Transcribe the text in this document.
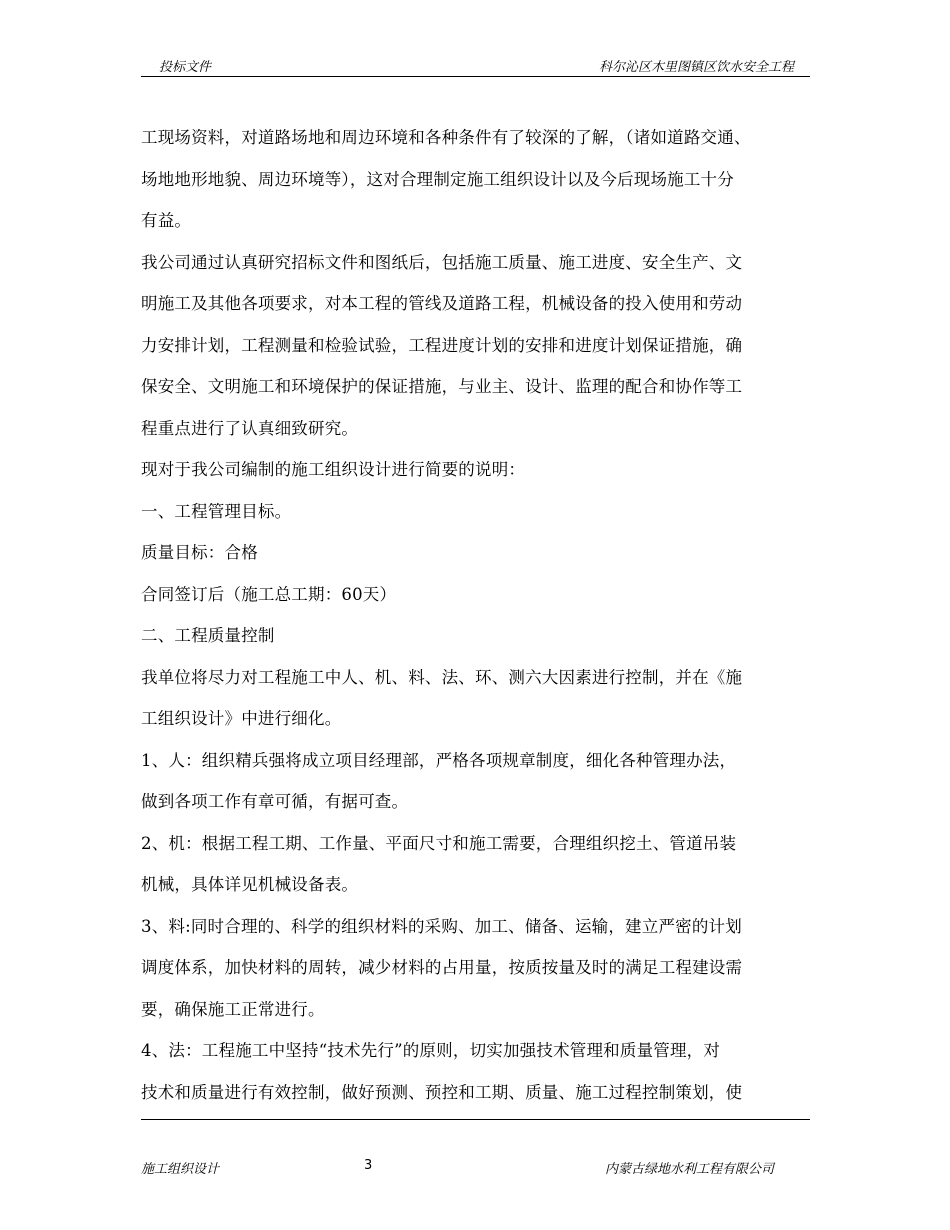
投标文件	科尔沁区木里图镇区饮水安全工程
工现场资料，对道路场地和周边环境和各种条件有了较深的了解，（诸如道路交通、
场地地形地貌、周边环境等），这对合理制定施工组织设计以及今后现场施工十分
有益。
我公司通过认真研究招标文件和图纸后，包括施工质量、施工进度、安全生产、文
明施工及其他各项要求，对本工程的管线及道路工程，机械设备的投入使用和劳动
力安排计划，工程测量和检验试验，工程进度计划的安排和进度计划保证措施，确
保安全、文明施工和环境保护的保证措施，与业主、设计、监理的配合和协作等工
程重点进行了认真细致研究。
现对于我公司编制的施工组织设计进行简要的说明：
一、工程管理目标。
质量目标：合格
合同签订后（施工总工期：60天）
二、工程质量控制
我单位将尽力对工程施工中人、机、料、法、环、测六大因素进行控制，并在《施
工组织设计》中进行细化。
1、人：组织精兵强将成立项目经理部，严格各项规章制度，细化各种管理办法，
做到各项工作有章可循，有据可查。
2、机：根据工程工期、工作量、平面尺寸和施工需要，合理组织挖土、管道吊装
机械，具体详见机械设备表。
3、料:同时合理的、科学的组织材料的采购、加工、储备、运输，建立严密的计划
调度体系，加快材料的周转，减少材料的占用量，按质按量及时的满足工程建设需
要，确保施工正常进行。
4、法：工程施工中坚持“技术先行”的原则，切实加强技术管理和质量管理，对
技术和质量进行有效控制，做好预测、预控和工期、质量、施工过程控制策划，使
施工组织设计	3	内蒙古绿地水利工程有限公司
